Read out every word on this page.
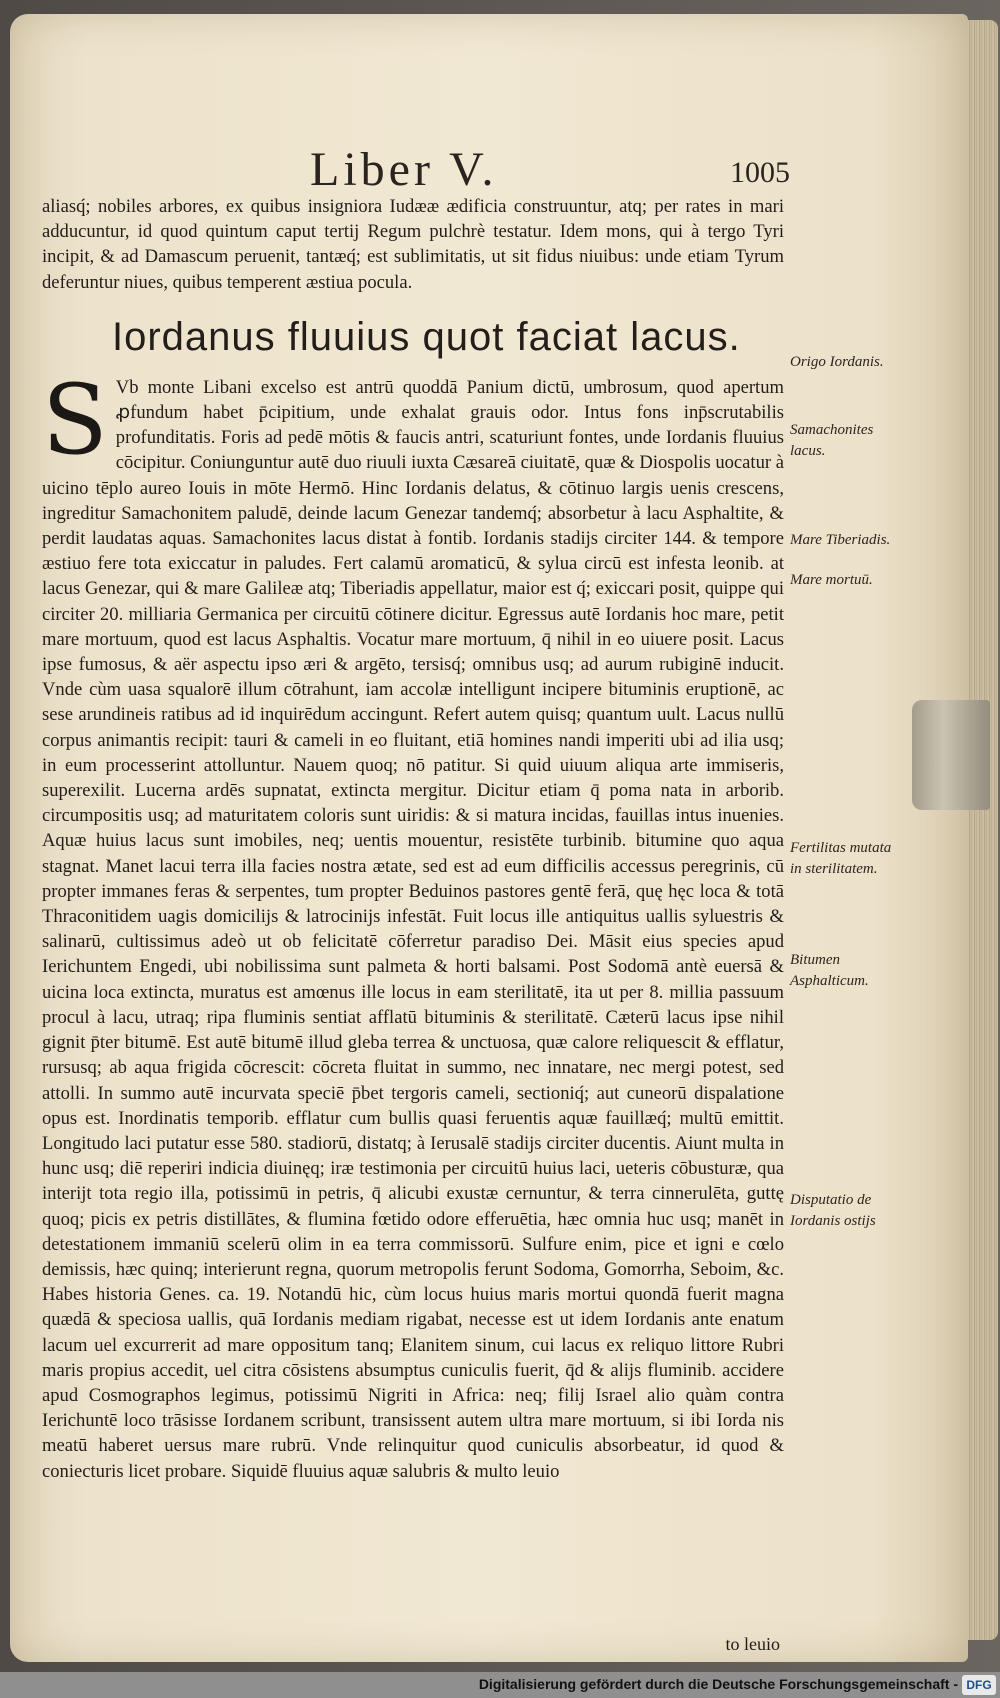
Liber V.	1005

aliasq́; nobiles arbores, ex quibus insigniora Iudææ ædificia construuntur, atq; per rates in mari adducuntur, id quod quintum caput tertij Regum pulchrè testatur. Idem mons, qui à tergo Tyri incipit, & ad Damascum peruenit, tantæq́; est sublimitatis, ut sit fidus niuibus: unde etiam Tyrum deferuntur niues, quibus temperent æstiua pocula.

Iordanus fluuius quot faciat lacus.

S Vb monte Libani excelso est antrū quoddā Panium dictū, umbrosum, quod apertum ꝓfundum habet p̄cipitium, unde exhalat grauis odor. Intus fons inp̄scrutabilis profunditatis. Foris ad pedē mōtis & faucis antri, scaturiunt fontes, unde Iordanis fluuius cōcipitur. Coniunguntur autē duo riuuli iuxta Cæsareā ciuitatē, quæ & Diospolis uocatur à uicino tēplo aureo Iouis in mōte Hermō. Hinc Iordanis delatus, & cōtinuo largis uenis crescens, ingreditur Samachonitem paludē, deinde lacum Genezar tandemq́; absorbetur à lacu Asphaltite, & perdit laudatas aquas. Samachonites lacus distat à fontib. Iordanis stadijs circiter 144. & tempore æstiuo fere tota exiccatur in paludes. Fert calamū aromaticū, & sylua circū est infesta leonib. at lacus Genezar, qui & mare Galileæ atq; Tiberiadis appellatur, maior est q́; exiccari posit, quippe qui circiter 20. milliaria Germanica per circuitū cōtinere dicitur. Egressus autē Iordanis hoc mare, petit mare mortuum, quod est lacus Asphaltis. Vocatur mare mortuum, q̄ nihil in eo uiuere posit. Lacus ipse fumosus, & aër aspectu ipso æri & argēto, tersisq́; omnibus usq; ad aurum rubiginē inducit. Vnde cùm uasa squalorē illum cōtrahunt, iam accolæ intelligunt incipere bituminis eruptionē, ac sese arundineis ratibus ad id inquirēdum accingunt. Refert autem quisq; quantum uult. Lacus nullū corpus animantis recipit: tauri & cameli in eo fluitant, etiā homines nandi imperiti ubi ad ilia usq; in eum processerint attolluntur. Nauem quoq; nō patitur. Si quid uiuum aliqua arte immiseris, superexilit. Lucerna ardēs supnatat, extincta mergitur. Dicitur etiam q̄ poma nata in arborib. circumpositis usq; ad maturitatem coloris sunt uiridis: & si matura incidas, fauillas intus inuenies. Aquæ huius lacus sunt imobiles, neq; uentis mouentur, resistēte turbinib. bitumine quo aqua stagnat. Manet lacui terra illa facies nostra ætate, sed est ad eum difficilis accessus peregrinis, cū propter immanes feras & serpentes, tum propter Beduinos pastores gentē ferā, quę hęc loca & totā Thraconitidem uagis domicilijs & latrocinijs infestāt. Fuit locus ille antiquitus uallis syluestris & salinarū, cultissimus adeò ut ob felicitatē cōferretur paradiso Dei. Māsit eius species apud Ierichuntem Engedi, ubi nobilissima sunt palmeta & horti balsami. Post Sodomā antè euersā & uicina loca extincta, muratus est amœnus ille locus in eam sterilitatē, ita ut per 8. millia passuum procul à lacu, utraq; ripa fluminis sentiat afflatū bituminis & sterilitatē. Cæterū lacus ipse nihil gignit p̄ter bitumē. Est autē bitumē illud gleba terrea & unctuosa, quæ calore reliquescit & efflatur, rursusq; ab aqua frigida cōcrescit: cōcreta fluitat in summo, nec innatare, nec mergi potest, sed attolli. In summo autē incurvata speciē p̄bet tergoris cameli, sectioniq́; aut cuneorū dispalatione opus est. Inordinatis temporib. efflatur cum bullis quasi feruentis aquæ fauillæq́; multū emittit. Longitudo laci putatur esse 580. stadiorū, distatq; à Ierusalē stadijs circiter ducentis. Aiunt multa in hunc usq; diē reperiri indicia diuinęq; iræ testimonia per circuitū huius laci, ueteris cōbusturæ, qua interijt tota regio illa, potissimū in petris, q̄ alicubi exustæ cernuntur, & terra cinnerulēta, guttę quoq; picis ex petris distillātes, & flumina fœtido odore efferuētia, hæc omnia huc usq; manēt in detestationem immaniū scelerū olim in ea terra commissorū. Sulfure enim, pice et igni e cœlo demissis, hæc quinq; interierunt regna, quorum metropolis ferunt Sodoma, Gomorrha, Seboim, &c. Habes historia Genes. ca. 19. Notandū hic, cùm locus huius maris mortui quondā fuerit magna quædā & speciosa uallis, quā Iordanis mediam rigabat, necesse est ut idem Iordanis ante enatum lacum uel excurrerit ad mare oppositum tanq; Elanitem sinum, cui lacus ex reliquo littore Rubri maris propius accedit, uel citra cōsistens absumptus cuniculis fuerit, q̄d & alijs fluminib. accidere apud Cosmographos legimus, potissimū Nigriti in Africa: neq; filij Israel alio quàm contra Ierichuntē loco trāsisse Iordanem scribunt, transissent autem ultra mare mortuum, si ibi Iorda nis meatū haberet uersus mare rubrū. Vnde relinquitur quod cuniculis absorbeatur, id quod & coniecturis licet probare. Siquidē fluuius aquæ salubris & multo leuio

Origo Iordanis.
Samachonites lacus.
Mare Tiberiadis.
Mare mortuū.
Fertilitas mutata in sterilitatem.
Bitumen Asphalticum.
Disputatio de Iordanis ostijs
to leuio
Digitalisierung gefördert durch die Deutsche Forschungsgemeinschaft - DFG
